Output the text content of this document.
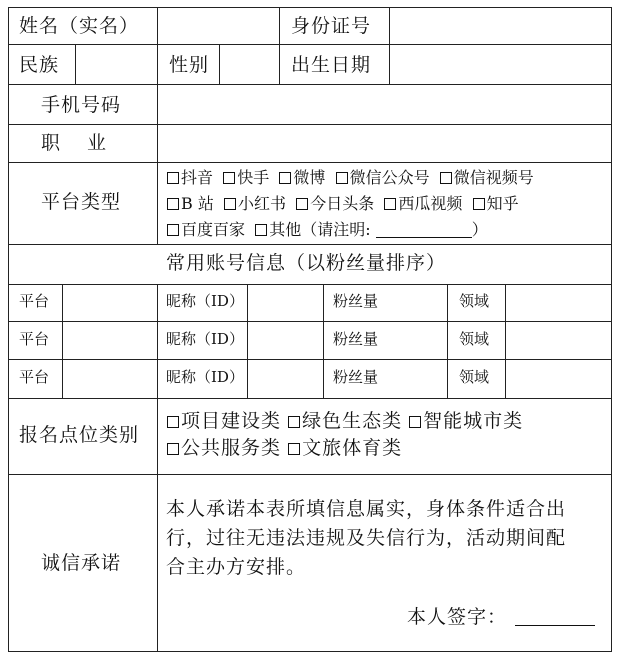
姓名（实名）	身份证号
民族	性别	出生日期
手机号码
职　业
平台类型
抖音 快手 微博 微信公众号 微信视频号
B 站 小红书 今日头条 西瓜视频 知乎
百度百家 其他（请注明:	）
常用账号信息（以粉丝量排序）
平台	昵称（ID）	粉丝量	领域
平台	昵称（ID）	粉丝量	领域
平台	昵称（ID）	粉丝量	领域
报名点位类别
项目建设类 绿色生态类 智能城市类
公共服务类 文旅体育类
诚信承诺
本人承诺本表所填信息属实，身体条件适合出
行，过往无违法违规及失信行为，活动期间配
合主办方安排。
本人签字：
